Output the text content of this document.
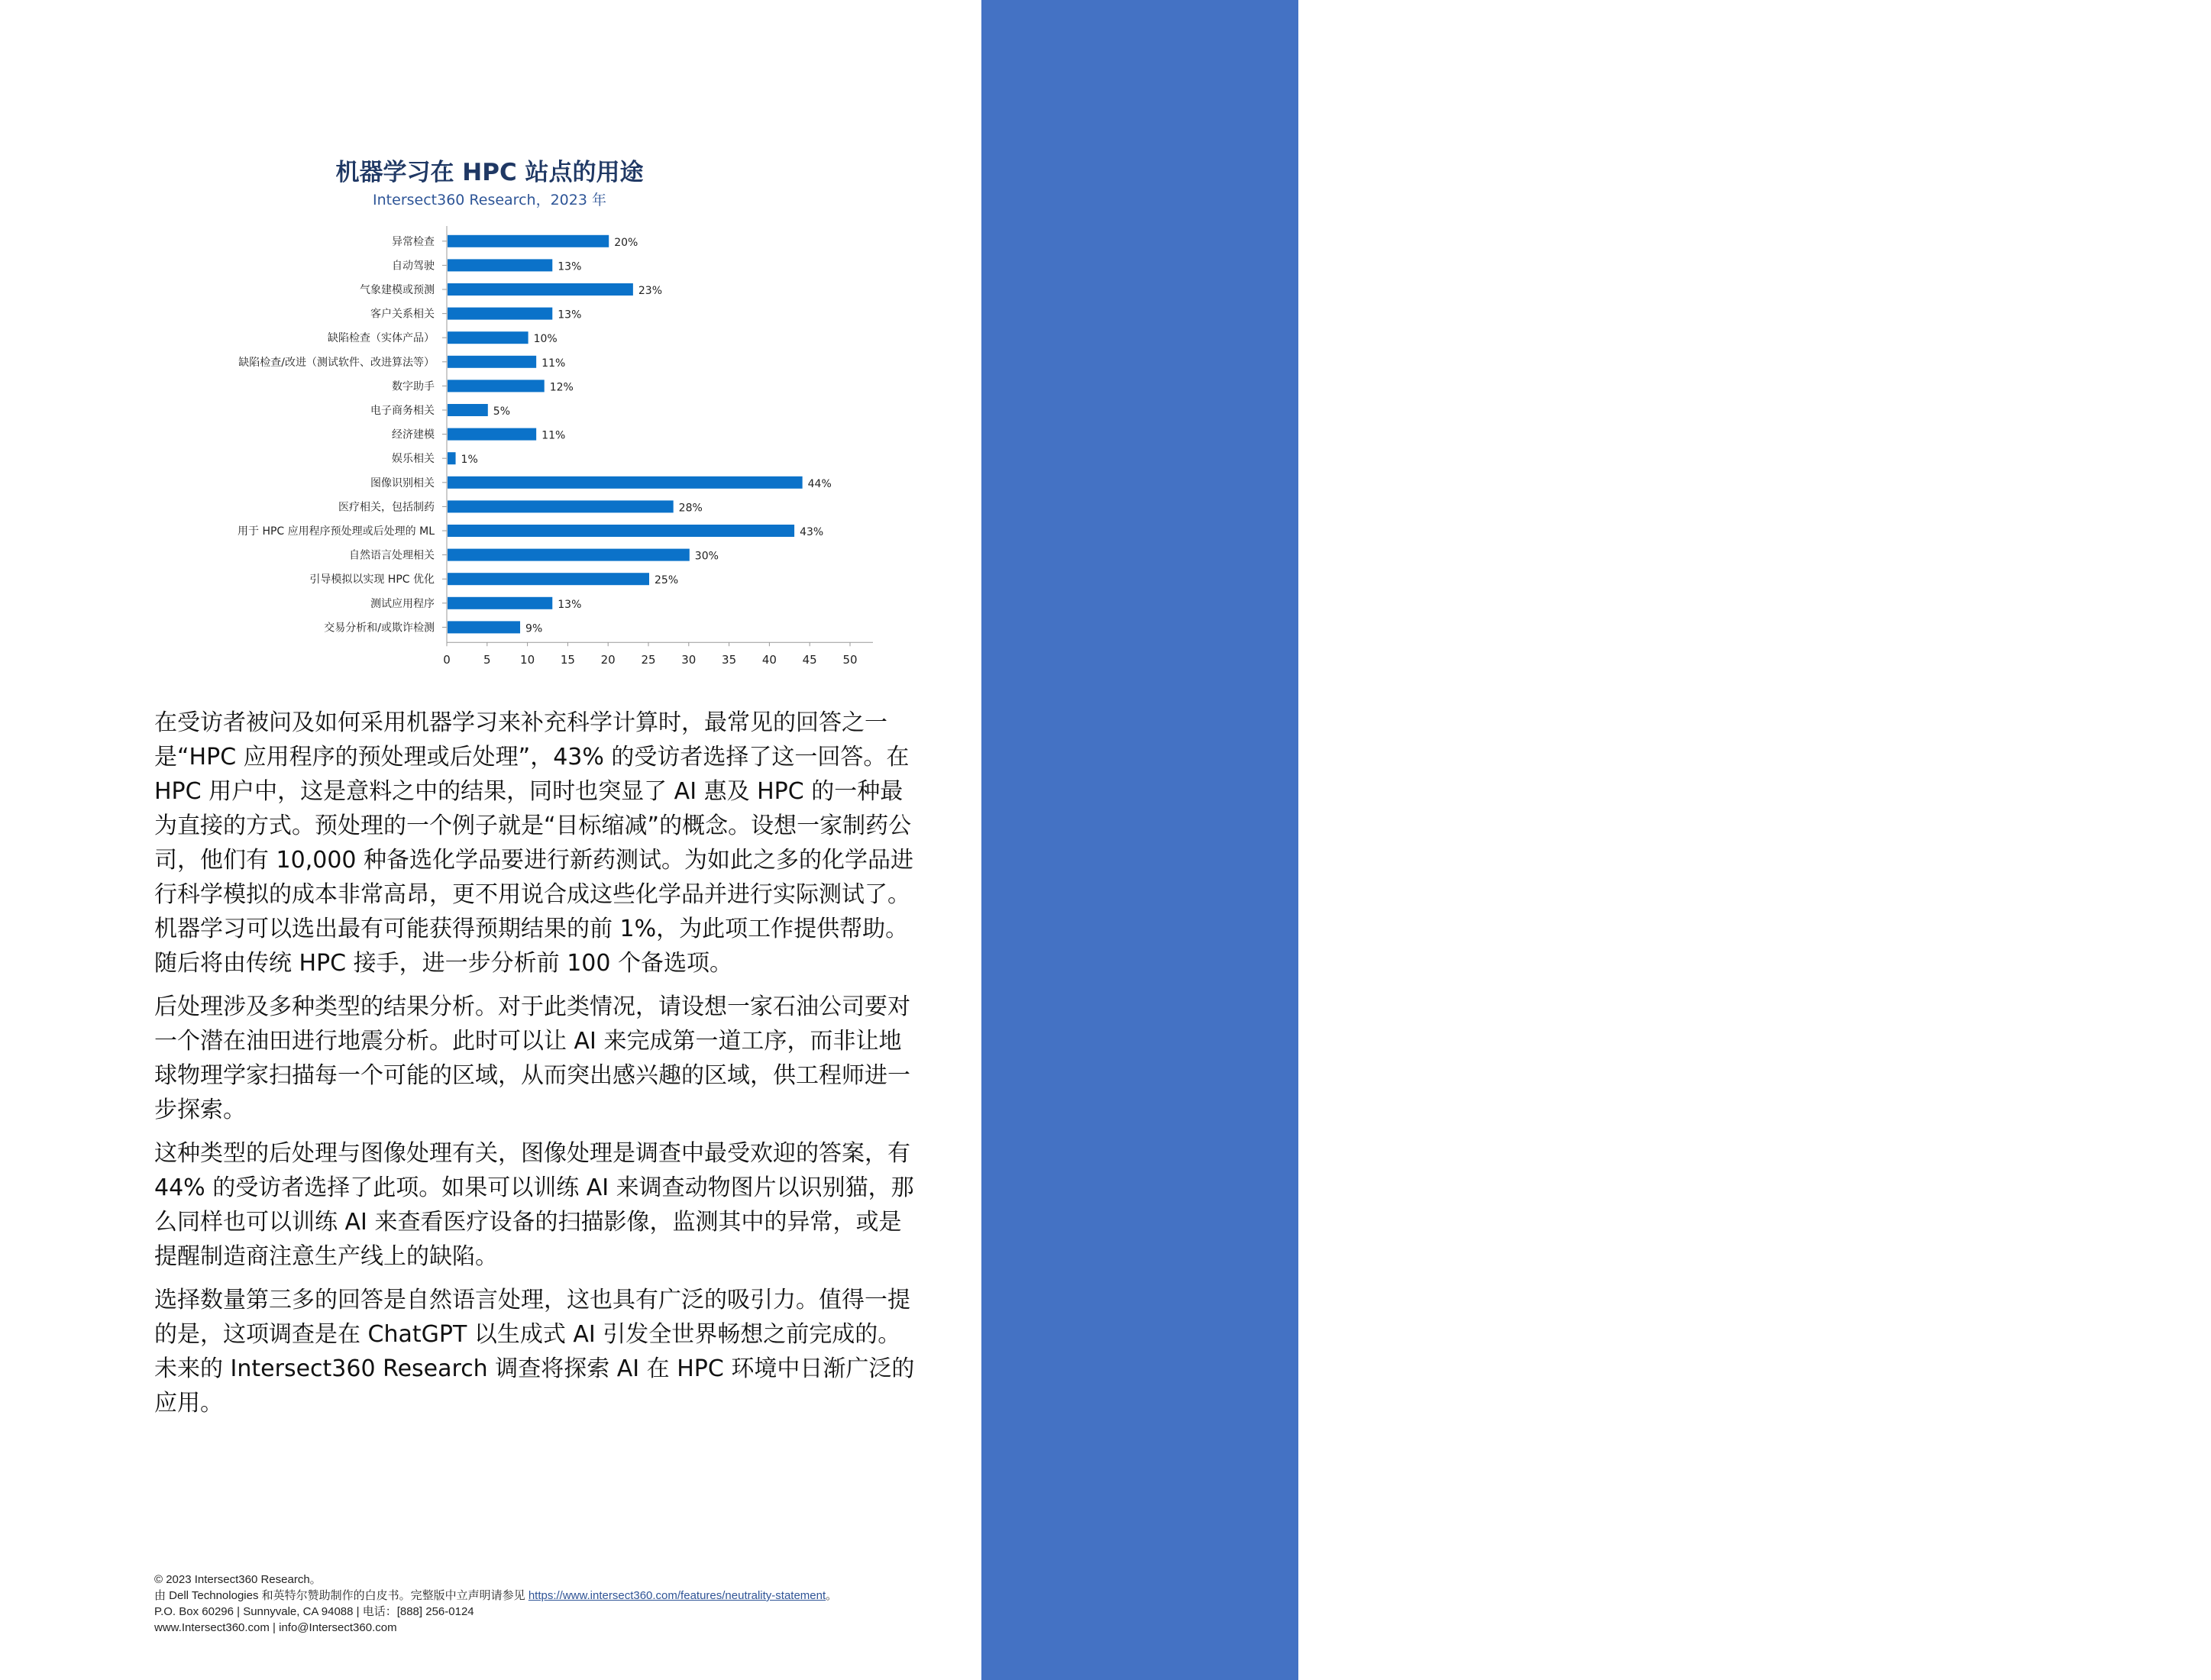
在大多数 HPC 用户现在采用的双重方法中，HPC 与 AI 之间的共生关系相当明显。目前，超过 80% 的用户都有以 AI（或者具体到机器学习）为中心的计划。

机器学习在 HPC 站点的用途
Intersect360 Research，2023 年
异常检查	20%
自动驾驶	13%
气象建模或预测	23%
客户关系相关	13%
缺陷检查（实体产品）	10%
缺陷检查/改进（测试软件、改进算法等）	11%
数字助手	12%
电子商务相关	5%
经济建模	11%
娱乐相关 1%
图像识别相关	44%
医疗相关，包括制药	28%
用于 HPC 应用程序预处理或后处理的 ML	43%
自然语言处理相关	30%
引导模拟以实现 HPC 优化	25%
测试应用程序	13%
交易分析和/或欺诈检测	9%
0	5	10 15 20 25 30 35 40 45 50

在受访者被问及如何采用机器学习来补充科学计算时，最常见的回答之一是“HPC 应用程序的预处理或后处理”，43% 的受访者选择了这一回答。在 HPC 用户中，这是意料之中的结果，同时也突显了 AI 惠及 HPC 的一种最为直接的方式。预处理的一个例子就是“目标缩减”的概念。设想一家制药公司，他们有 10,000 种备选化学品要进行新药测试。为如此之多的化学品进行科学模拟的成本非常高昂，更不用说合成这些化学品并进行实际测试了。机器学习可以选出最有可能获得预期结果的前 1%，为此项工作提供帮助。随后将由传统 HPC 接手，进一步分析前 100 个备选项。

后处理涉及多种类型的结果分析。对于此类情况，请设想一家石油公司要对一个潜在油田进行地震分析。此时可以让 AI 来完成第一道工序，而非让地球物理学家扫描每一个可能的区域，从而突出感兴趣的区域，供工程师进一步探索。

这种类型的后处理与图像处理有关，图像处理是调查中最受欢迎的答案，有 44% 的受访者选择了此项。如果可以训练 AI 来调查动物图片以识别猫，那么同样也可以训练 AI 来查看医疗设备的扫描影像，监测其中的异常，或是提醒制造商注意生产线上的缺陷。

选择数量第三多的回答是自然语言处理，这也具有广泛的吸引力。值得一提的是，这项调查是在 ChatGPT 以生成式 AI 引发全世界畅想之前完成的。未来的 Intersect360 Research 调查将探索 AI 在 HPC 环境中日渐广泛的应用。

© 2023 Intersect360 Research。
由 Dell Technologies 和英特尔赞助制作的白皮书。完整版中立声明请参见 https://www.intersect360.com/features/neutrality-statement。
P.O. Box 60296 | Sunnyvale, CA 94088 | 电话：[888] 256-0124
www.Intersect360.com | info@Intersect360.com
